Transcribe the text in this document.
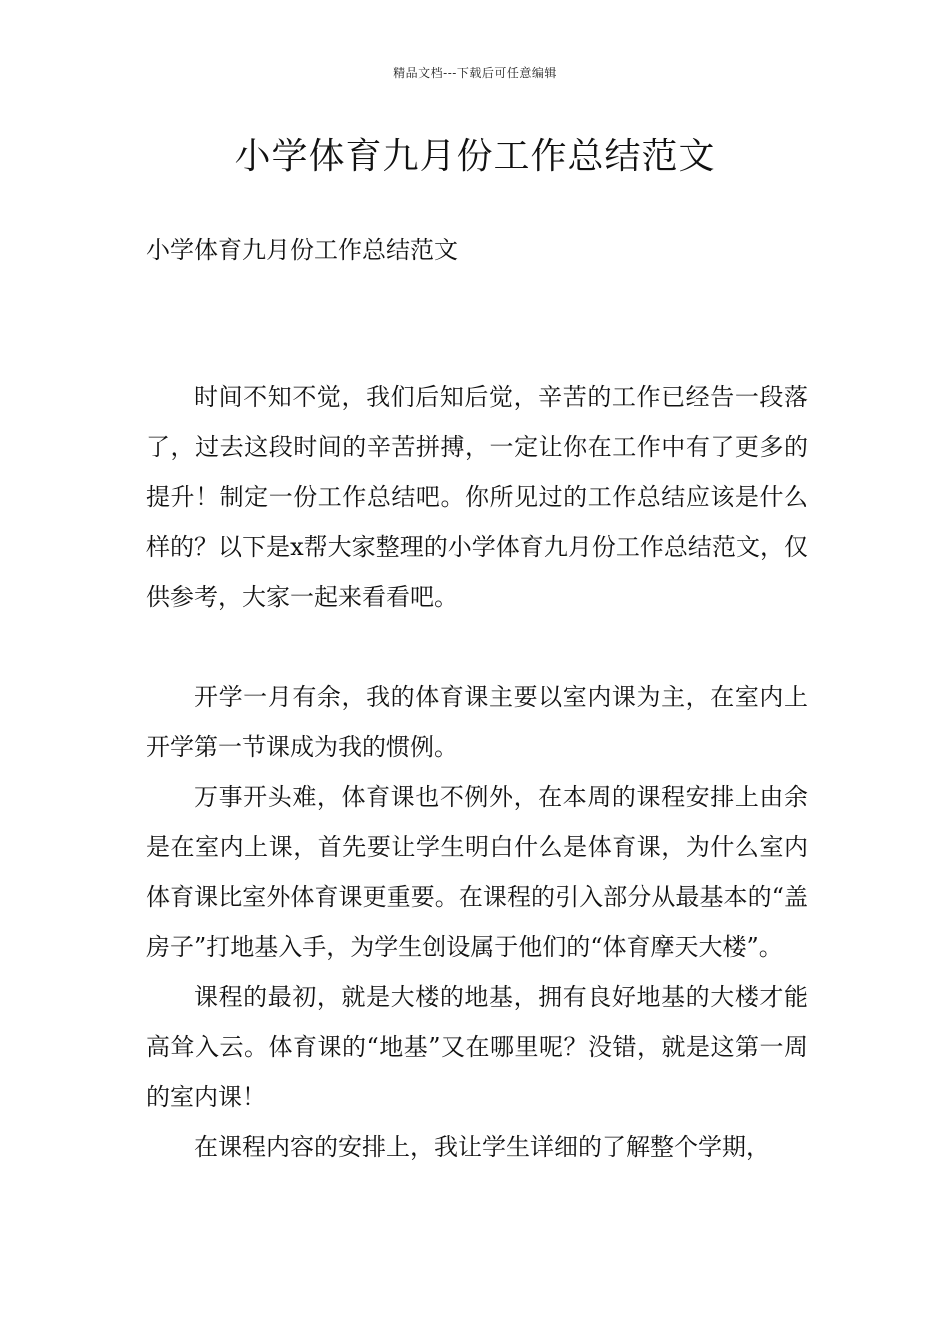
精品文档---下载后可任意编辑
小学体育九月份工作总结范文

小学体育九月份工作总结范文

时间不知不觉，我们后知后觉，辛苦的工作已经告一段落了，过去这段时间的辛苦拼搏，一定让你在工作中有了更多的提升！制定一份工作总结吧。你所见过的工作总结应该是什么样的？以下是x帮大家整理的小学体育九月份工作总结范文，仅供参考，大家一起来看看吧。

开学一月有余，我的体育课主要以室内课为主，在室内上开学第一节课成为我的惯例。

万事开头难，体育课也不例外，在本周的课程安排上由余是在室内上课，首先要让学生明白什么是体育课，为什么室内体育课比室外体育课更重要。在课程的引入部分从最基本的“盖房子”打地基入手，为学生创设属于他们的“体育摩天大楼”。

课程的最初，就是大楼的地基，拥有良好地基的大楼才能高耸入云。体育课的“地基”又在哪里呢？没错，就是这第一周的室内课！

在课程内容的安排上，我让学生详细的了解整个学期，
